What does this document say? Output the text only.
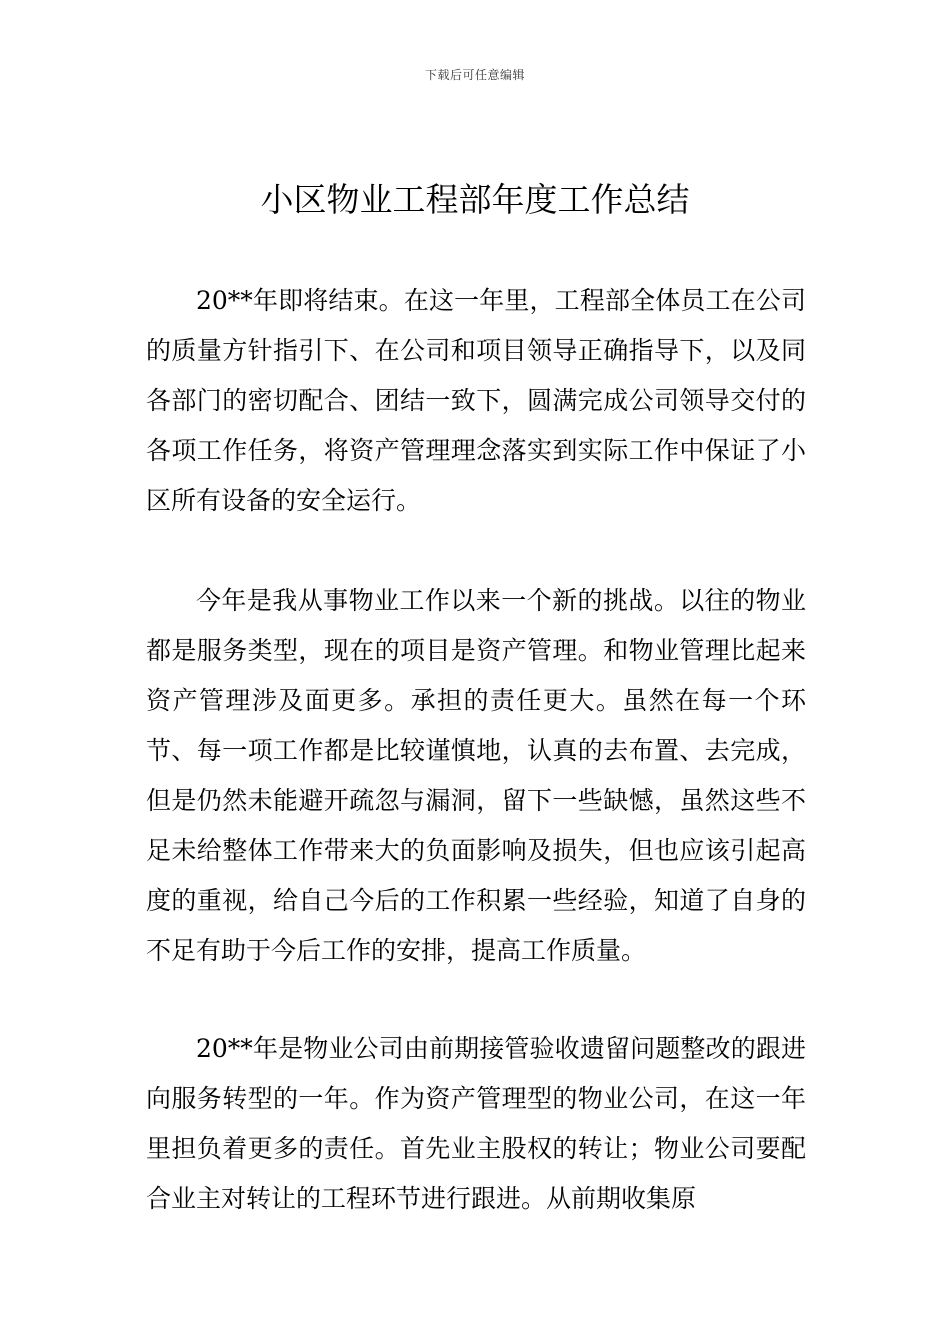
下载后可任意编辑
小区物业工程部年度工作总结

20**年即将结束。在这一年里，工程部全体员工在公司的质量方针指引下、在公司和项目领导正确指导下，以及同各部门的密切配合、团结一致下，圆满完成公司领导交付的各项工作任务，将资产管理理念落实到实际工作中保证了小区所有设备的安全运行。

今年是我从事物业工作以来一个新的挑战。以往的物业都是服务类型，现在的项目是资产管理。和物业管理比起来资产管理涉及面更多。承担的责任更大。虽然在每一个环节、每一项工作都是比较谨慎地，认真的去布置、去完成，但是仍然未能避开疏忽与漏洞，留下一些缺憾，虽然这些不足未给整体工作带来大的负面影响及损失，但也应该引起高度的重视，给自己今后的工作积累一些经验，知道了自身的不足有助于今后工作的安排，提高工作质量。

20**年是物业公司由前期接管验收遗留问题整改的跟进向服务转型的一年。作为资产管理型的物业公司，在这一年里担负着更多的责任。首先业主股权的转让；物业公司要配合业主对转让的工程环节进行跟进。从前期收集原
